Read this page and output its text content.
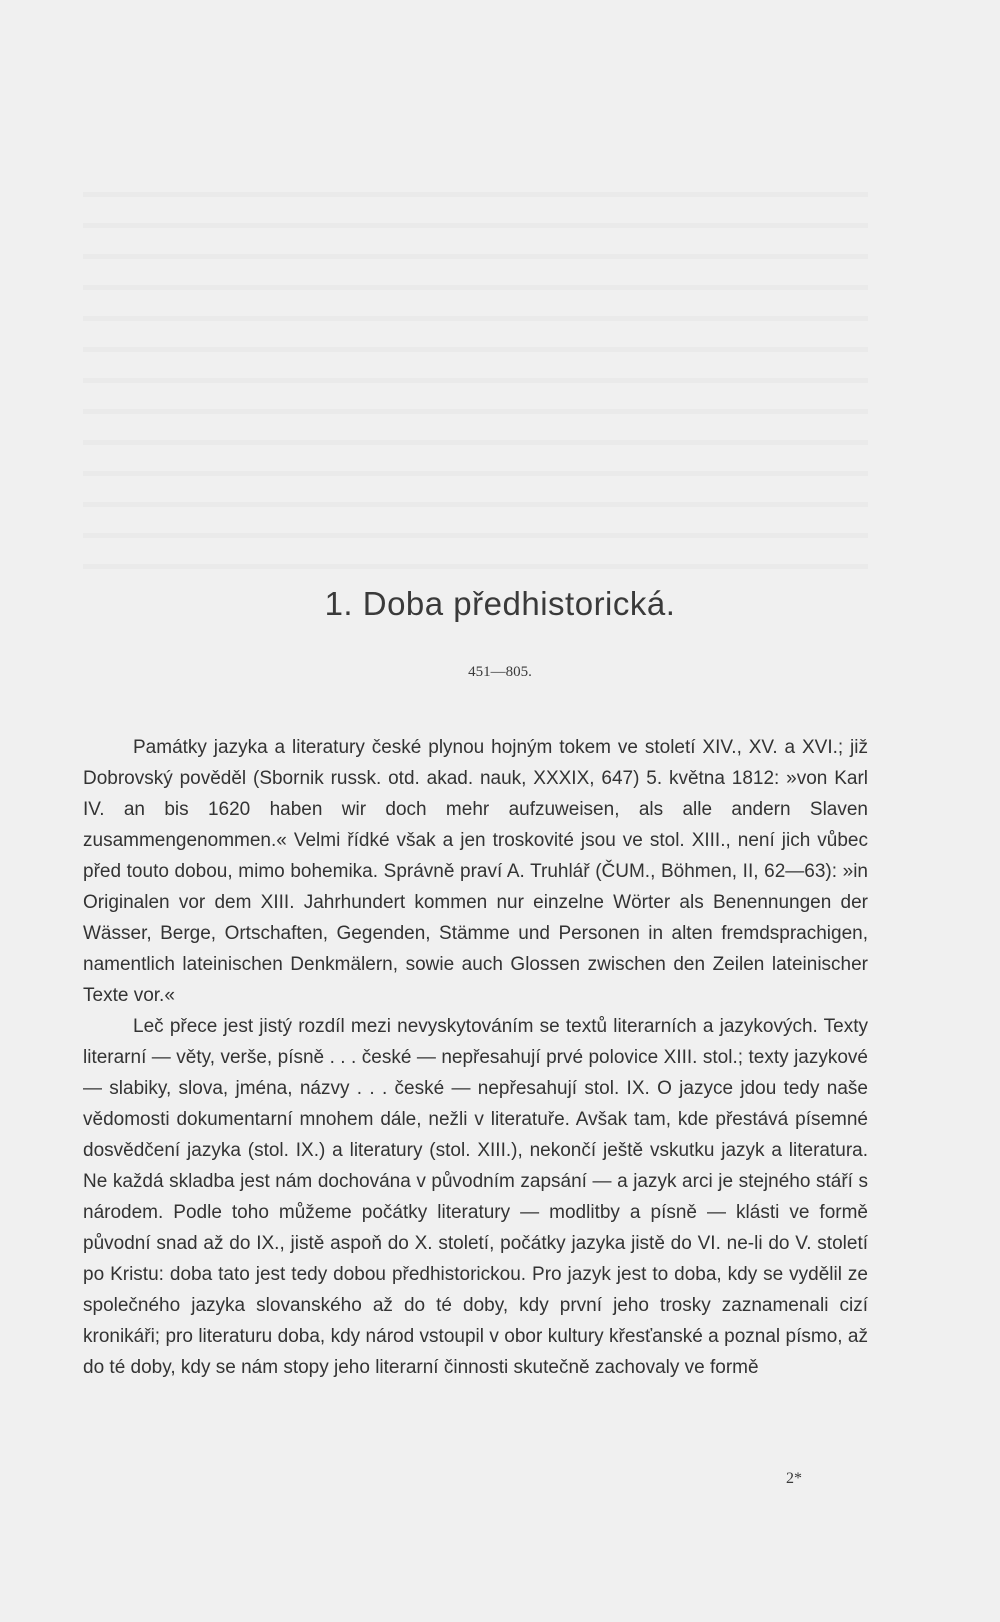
1. Doba předhistorická.
451—805.

Památky jazyka a literatury české plynou hojným tokem ve století XIV., XV. a XVI.; již Dobrovský pověděl (Sbornik russk. otd. akad. nauk, XXXIX, 647) 5. května 1812: »von Karl IV. an bis 1620 haben wir doch mehr aufzuweisen, als alle andern Slaven zusammengenommen.« Velmi řídké však a jen troskovité jsou ve stol. XIII., není jich vůbec před touto dobou, mimo bohemika. Správně praví A. Truhlář (ČUM., Böhmen, II, 62—63): »in Originalen vor dem XIII. Jahrhundert kommen nur einzelne Wörter als Benennungen der Wässer, Berge, Ortschaften, Gegenden, Stämme und Personen in alten fremdsprachigen, namentlich lateinischen Denkmälern, sowie auch Glossen zwischen den Zeilen lateinischer Texte vor.«

Leč přece jest jistý rozdíl mezi nevyskytováním se textů literarních a jazykových. Texty literarní — věty, verše, písně . . . české — nepřesahují prvé polovice XIII. stol.; texty jazykové — slabiky, slova, jména, názvy . . . české — nepřesahují stol. IX. O jazyce jdou tedy naše vědomosti dokumentarní mnohem dále, nežli v literatuře. Avšak tam, kde přestává písemné dosvědčení jazyka (stol. IX.) a literatury (stol. XIII.), nekončí ještě vskutku jazyk a literatura. Ne každá skladba jest nám dochována v původním zapsání — a jazyk arci je stejného stáří s národem. Podle toho můžeme počátky literatury — modlitby a písně — klásti ve formě původní snad až do IX., jistě aspoň do X. století, počátky jazyka jistě do VI. ne-li do V. století po Kristu: doba tato jest tedy dobou předhistorickou. Pro jazyk jest to doba, kdy se vydělil ze společného jazyka slovanského až do té doby, kdy první jeho trosky zaznamenali cizí kronikáři; pro literaturu doba, kdy národ vstoupil v obor kultury křesťanské a poznal písmo, až do té doby, kdy se nám stopy jeho literarní činnosti skutečně zachovaly ve formě

2*
